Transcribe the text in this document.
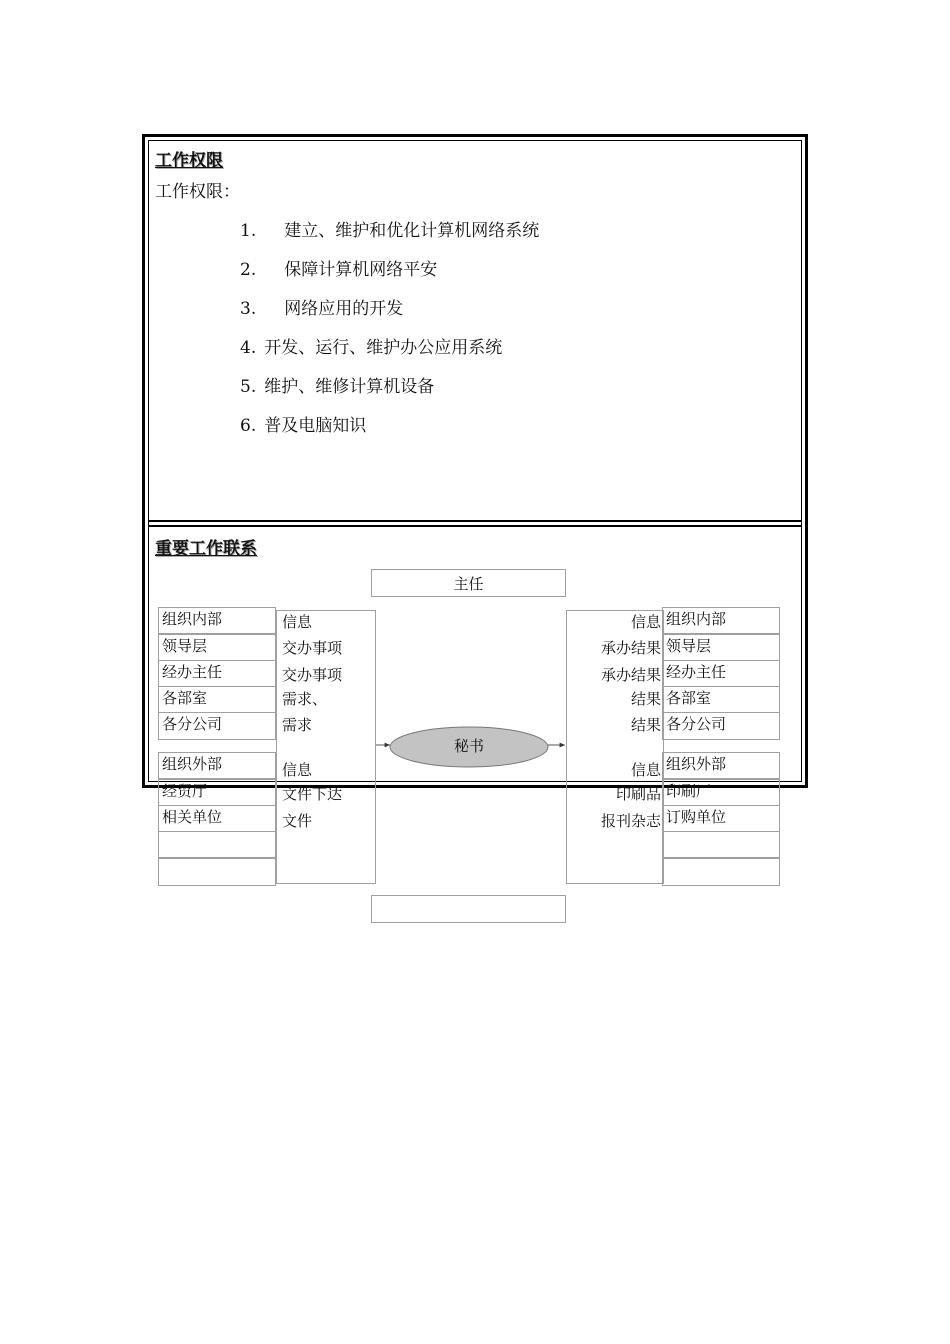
工作权限
工作权限：
1. 建立、维护和优化计算机网络系统
2. 保障计算机网络平安
3. 网络应用的开发
4. 开发、运行、维护办公应用系统
5. 维护、维修计算机设备
6. 普及电脑知识
重要工作联系
主任
组织内部
领导层
经办主任
各部室
各分公司
组织外部
经贸厅
相关单位
信息
交办事项
交办事项
需求、
需求
信息
文件下达
文件
信息
承办结果
承办结果
结果
结果
信息
印刷品
报刊杂志
组织内部
领导层
经办主任
各部室
各分公司
组织外部
印刷厂
订购单位
秘书
